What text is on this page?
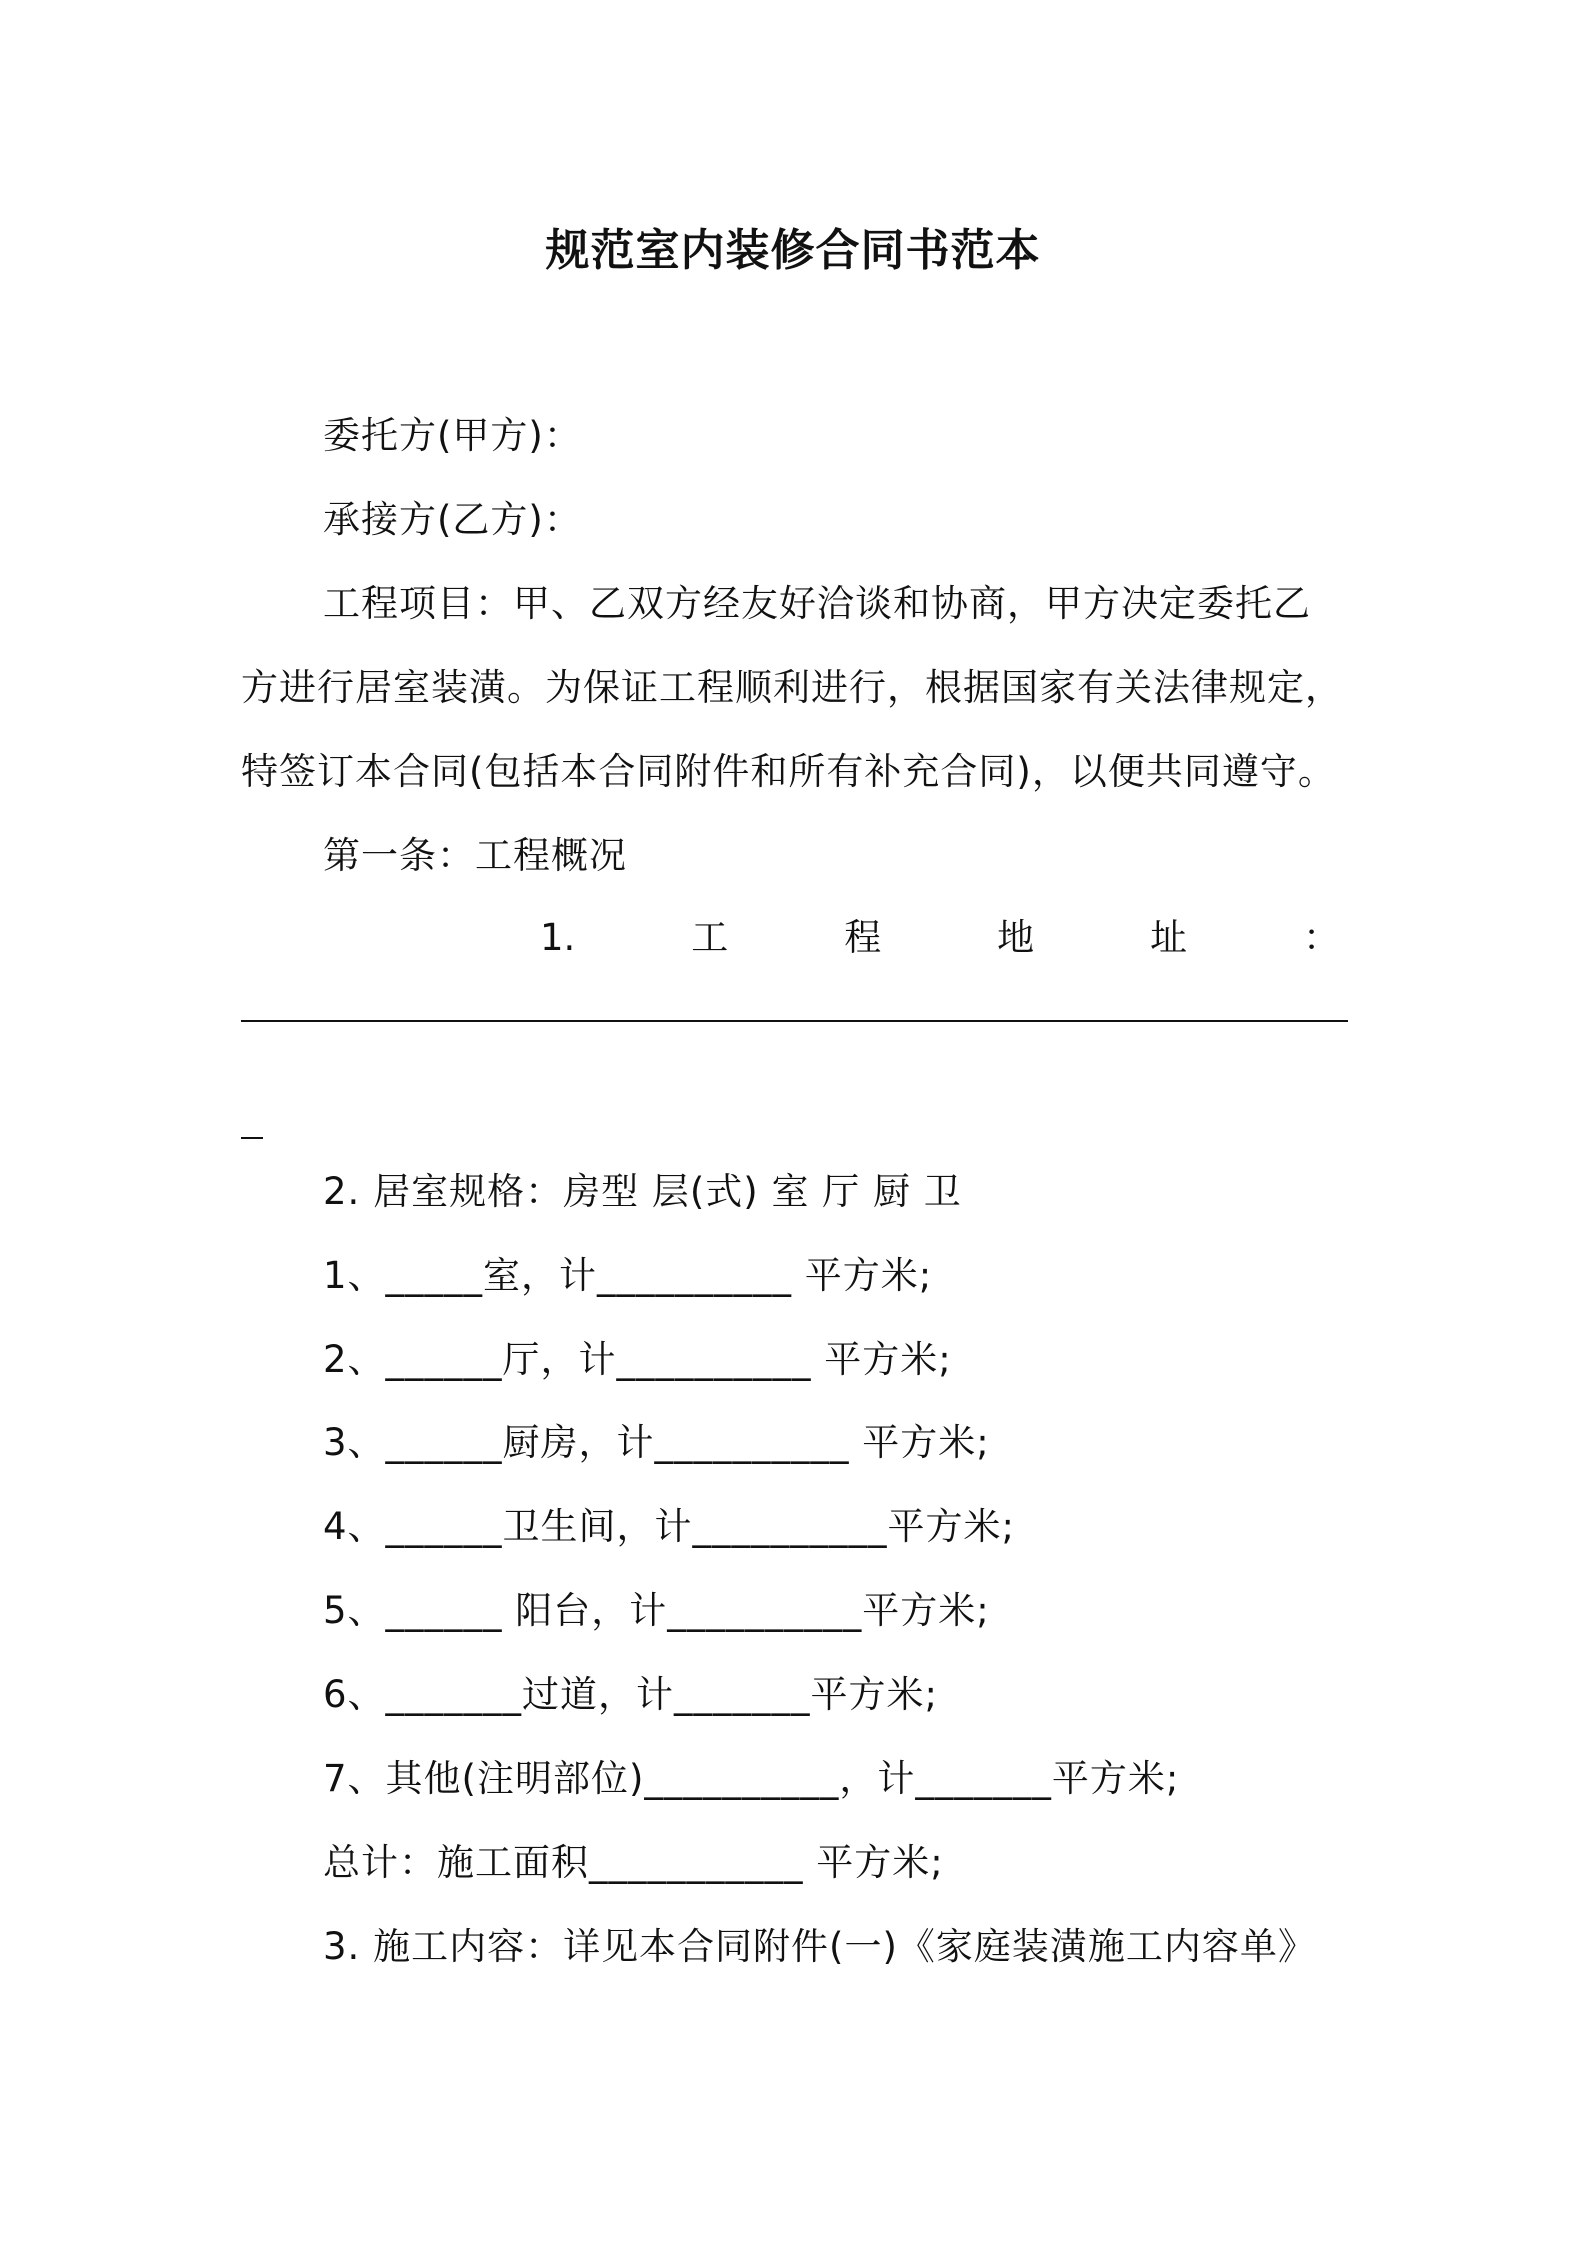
规范室内装修合同书范本
委托方(甲方)：
承接方(乙方)：
工程项目：甲、乙双方经友好洽谈和协商，甲方决定委托乙
方进行居室装潢。为保证工程顺利进行，根据国家有关法律规定，
特签订本合同(包括本合同附件和所有补充合同)，以便共同遵守。
第一条：工程概况
1.	工	程	地	址	：
2. 居室规格：房型 层(式) 室 厅 厨 卫
1、_____室，计__________ 平方米;
2、______厅，计__________ 平方米;
3、______厨房，计__________ 平方米;
4、______卫生间，计__________平方米;
5、______ 阳台，计__________平方米;
6、_______过道，计_______平方米;
7、其他(注明部位)__________，计_______平方米;
总计：施工面积___________ 平方米;
3. 施工内容：详见本合同附件(一)《家庭装潢施工内容单》
